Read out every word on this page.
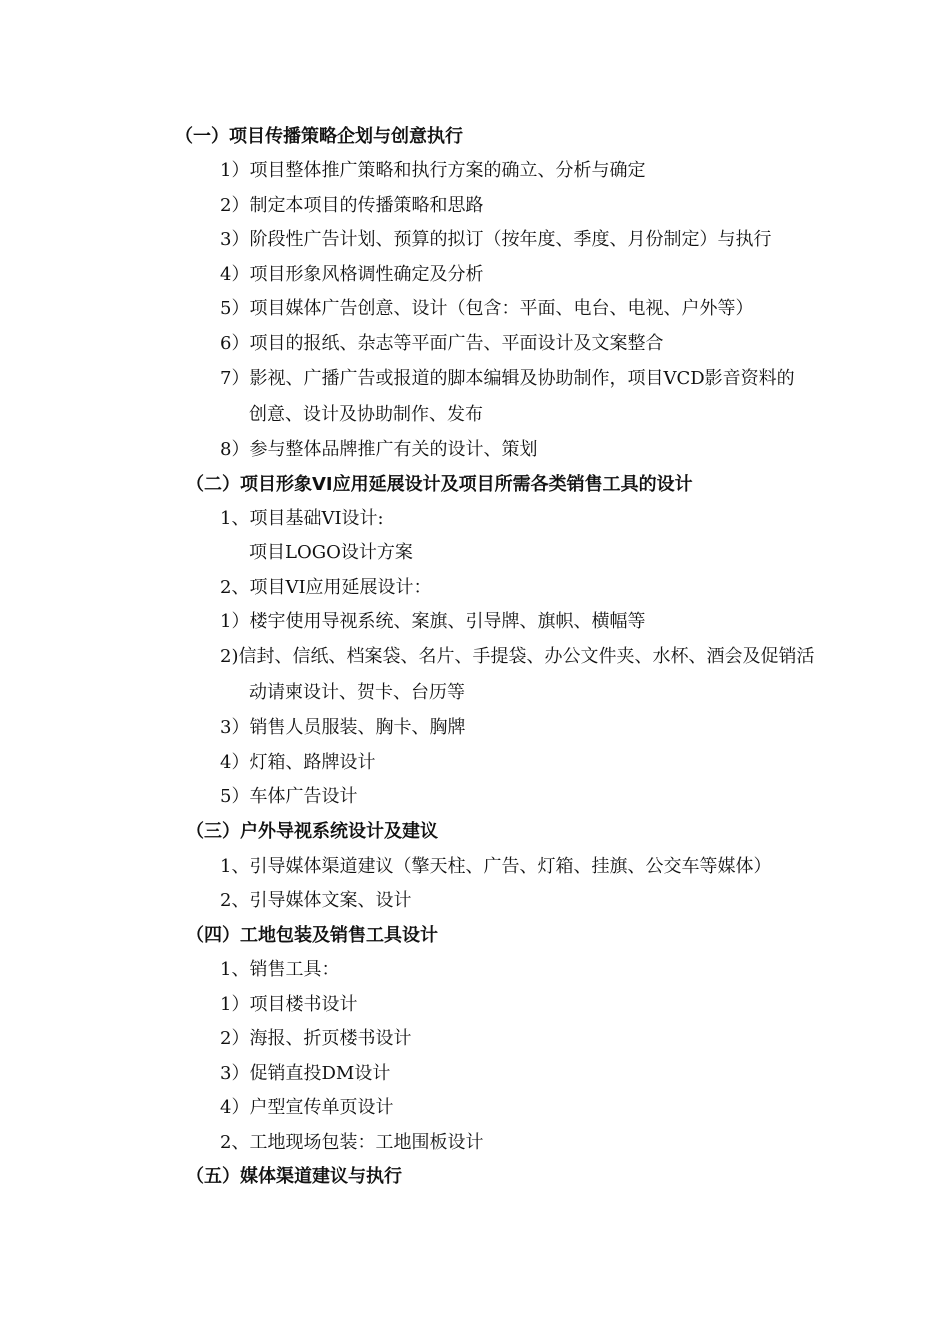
（一）项目传播策略企划与创意执行
1）项目整体推广策略和执行方案的确立、分析与确定
2）制定本项目的传播策略和思路
3）阶段性广告计划、预算的拟订（按年度、季度、月份制定）与执行
4）项目形象风格调性确定及分析
5）项目媒体广告创意、设计（包含：平面、电台、电视、户外等）
6）项目的报纸、杂志等平面广告、平面设计及文案整合
7）影视、广播广告或报道的脚本编辑及协助制作，项目VCD影音资料的
创意、设计及协助制作、发布
8）参与整体品牌推广有关的设计、策划
（二）项目形象VI应用延展设计及项目所需各类销售工具的设计
1、项目基础VI设计:
项目LOGO设计方案
2、项目VI应用延展设计：
1）楼宇使用导视系统、案旗、引导牌、旗帜、横幅等
2)信封、信纸、档案袋、名片、手提袋、办公文件夹、水杯、酒会及促销活
动请柬设计、贺卡、台历等
3）销售人员服装、胸卡、胸牌
4）灯箱、路牌设计
5）车体广告设计
（三）户外导视系统设计及建议
1、引导媒体渠道建议（擎天柱、广告、灯箱、挂旗、公交车等媒体）
2、引导媒体文案、设计
（四）工地包装及销售工具设计
1、销售工具：
1）项目楼书设计
2）海报、折页楼书设计
3）促销直投DM设计
4）户型宣传单页设计
2、工地现场包装：工地围板设计
（五）媒体渠道建议与执行
